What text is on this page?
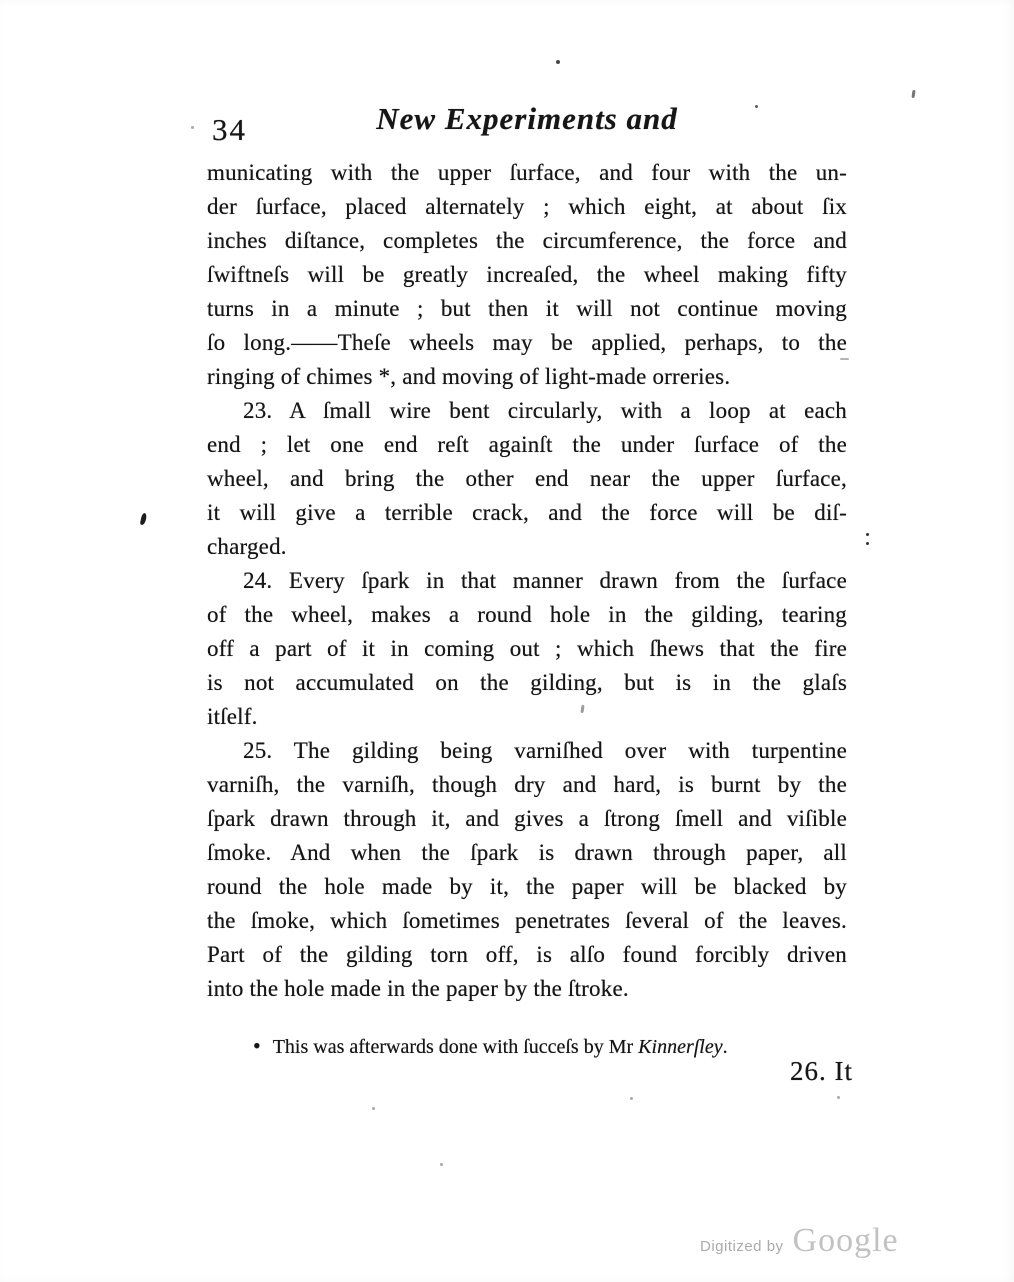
34	New Experiments and
municating with the upper ſurface, and four with the un-
der ſurface, placed alternately ; which eight, at about ſix
inches diſtance, completes the circumference, the force and
ſwiftneſs will be greatly increaſed, the wheel making fifty
turns in a minute ; but then it will not continue moving
ſo long.——Theſe wheels may be applied, perhaps, to the
ringing of chimes *, and moving of light-made orreries.
23. A ſmall wire bent circularly, with a loop at each
end ; let one end reſt againſt the under ſurface of the
wheel, and bring the other end near the upper ſurface,
it will give a terrible crack, and the force will be diſ-
charged.
24. Every ſpark in that manner drawn from the ſurface
of the wheel, makes a round hole in the gilding, tearing
off a part of it in coming out ; which ſhews that the fire
is not accumulated on the gilding, but is in the glaſs
itſelf.
25. The gilding being varniſhed over with turpentine
varniſh, the varniſh, though dry and hard, is burnt by the
ſpark drawn through it, and gives a ſtrong ſmell and viſible
ſmoke. And when the ſpark is drawn through paper, all
round the hole made by it, the paper will be blacked by
the ſmoke, which ſometimes penetrates ſeveral of the leaves.
Part of the gilding torn off, is alſo found forcibly driven
into the hole made in the paper by the ſtroke.
• This was afterwards done with ſucceſs by Mr Kinnerſley.
26. It
Digitized by Google
